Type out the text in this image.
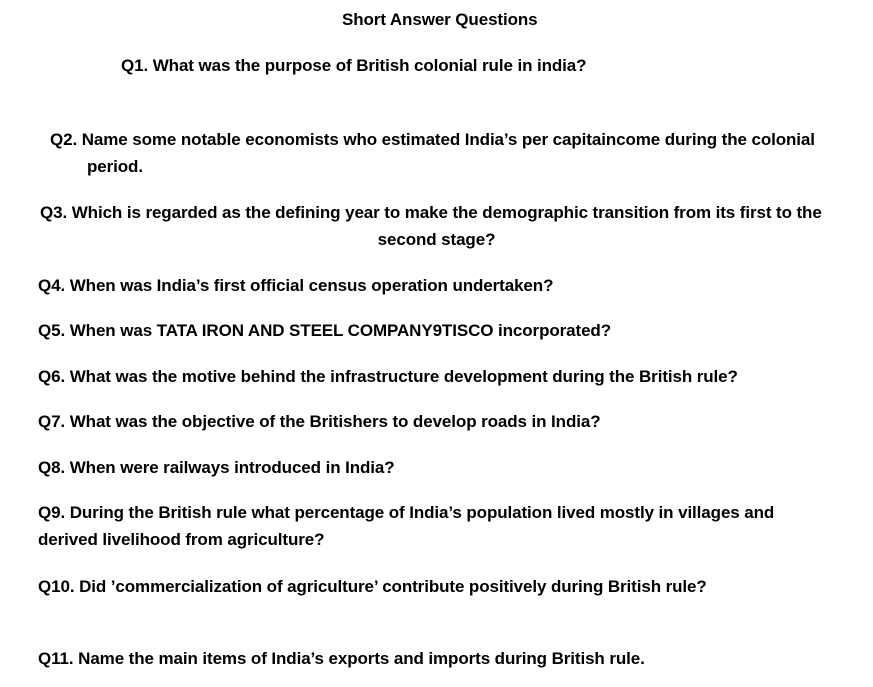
Short Answer Questions
Q1. What was the purpose of British colonial rule in india?
Q2. Name some notable economists who estimated India’s per capitaincome during the colonial
period.
Q3. Which is regarded as the defining year to make the demographic transition from its first to the
second stage?
Q4. When was India’s first official census operation undertaken?
Q5. When was TATA IRON AND STEEL COMPANY9TISCO incorporated?
Q6. What was the motive behind the infrastructure development during the British rule?
Q7. What was the objective of the Britishers to develop roads in India?
Q8. When were railways introduced in India?
Q9. During the British rule what percentage of India’s population lived mostly in villages and
derived livelihood from agriculture?
Q10. Did ’commercialization of agriculture’ contribute positively during British rule?
Q11. Name the main items of India’s exports and imports during British rule.
